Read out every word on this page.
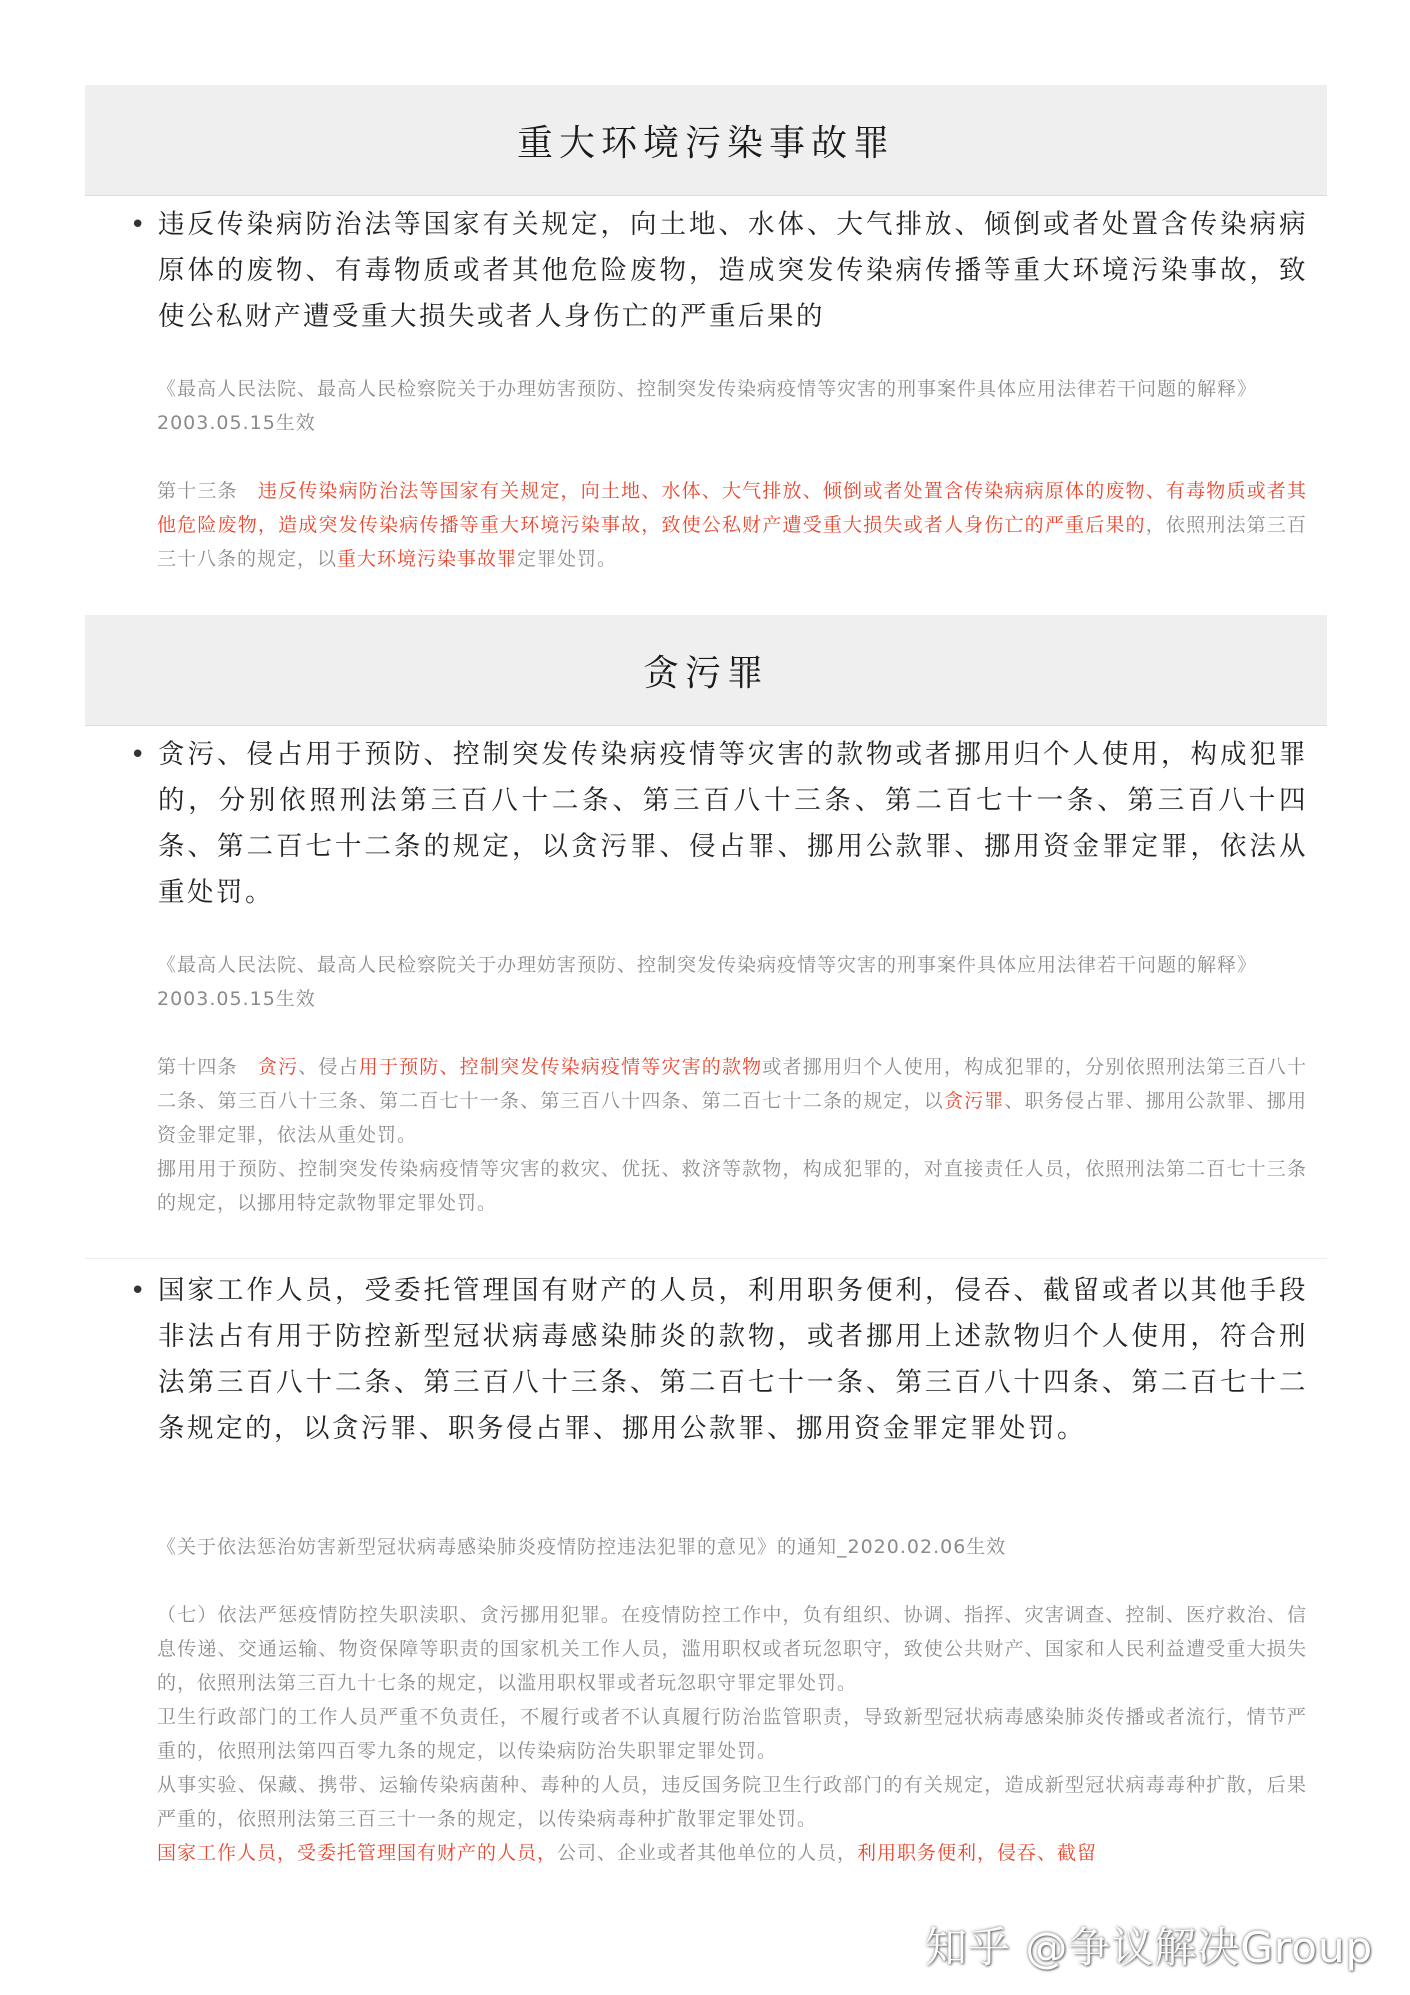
重大环境污染事故罪
• 违反传染病防治法等国家有关规定，向土地、水体、大气排放、倾倒或者处置含传染病病原体的废物、有毒物质或者其他危险废物，造成突发传染病传播等重大环境污染事故，致使公私财产遭受重大损失或者人身伤亡的严重后果的
《最高人民法院、最高人民检察院关于办理妨害预防、控制突发传染病疫情等灾害的刑事案件具体应用法律若干问题的解释》2003.05.15生效

第十三条　违反传染病防治法等国家有关规定，向土地、水体、大气排放、倾倒或者处置含传染病病原体的废物、有毒物质或者其他危险废物，造成突发传染病传播等重大环境污染事故，致使公私财产遭受重大损失或者人身伤亡的严重后果的，依照刑法第三百三十八条的规定，以重大环境污染事故罪定罪处罚。

贪污罪
• 贪污、侵占用于预防、控制突发传染病疫情等灾害的款物或者挪用归个人使用，构成犯罪的，分别依照刑法第三百八十二条、第三百八十三条、第二百七十一条、第三百八十四条、第二百七十二条的规定，以贪污罪、侵占罪、挪用公款罪、挪用资金罪定罪，依法从重处罚。
《最高人民法院、最高人民检察院关于办理妨害预防、控制突发传染病疫情等灾害的刑事案件具体应用法律若干问题的解释》2003.05.15生效

第十四条　贪污、侵占用于预防、控制突发传染病疫情等灾害的款物或者挪用归个人使用，构成犯罪的，分别依照刑法第三百八十二条、第三百八十三条、第二百七十一条、第三百八十四条、第二百七十二条的规定，以贪污罪、职务侵占罪、挪用公款罪、挪用资金罪定罪，依法从重处罚。

挪用用于预防、控制突发传染病疫情等灾害的救灾、优抚、救济等款物，构成犯罪的，对直接责任人员，依照刑法第二百七十三条的规定，以挪用特定款物罪定罪处罚。

• 国家工作人员，受委托管理国有财产的人员，利用职务便利，侵吞、截留或者以其他手段非法占有用于防控新型冠状病毒感染肺炎的款物，或者挪用上述款物归个人使用，符合刑法第三百八十二条、第三百八十三条、第二百七十一条、第三百八十四条、第二百七十二条规定的，以贪污罪、职务侵占罪、挪用公款罪、挪用资金罪定罪处罚。
《关于依法惩治妨害新型冠状病毒感染肺炎疫情防控违法犯罪的意见》的通知_2020.02.06生效

（七）依法严惩疫情防控失职渎职、贪污挪用犯罪。在疫情防控工作中，负有组织、协调、指挥、灾害调查、控制、医疗救治、信息传递、交通运输、物资保障等职责的国家机关工作人员，滥用职权或者玩忽职守，致使公共财产、国家和人民利益遭受重大损失的，依照刑法第三百九十七条的规定，以滥用职权罪或者玩忽职守罪定罪处罚。

卫生行政部门的工作人员严重不负责任，不履行或者不认真履行防治监管职责，导致新型冠状病毒感染肺炎传播或者流行，情节严重的，依照刑法第四百零九条的规定，以传染病防治失职罪定罪处罚。

从事实验、保藏、携带、运输传染病菌种、毒种的人员，违反国务院卫生行政部门的有关规定，造成新型冠状病毒毒种扩散，后果严重的，依照刑法第三百三十一条的规定，以传染病毒种扩散罪定罪处罚。

国家工作人员，受委托管理国有财产的人员，公司、企业或者其他单位的人员，利用职务便利，侵吞、截留

知乎 @争议解决Group
